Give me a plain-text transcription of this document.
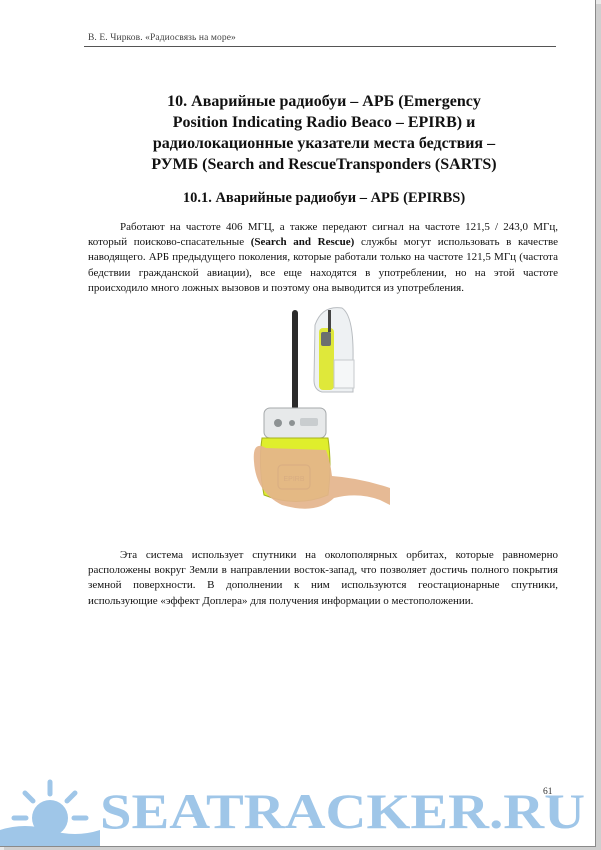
В. Е. Чирков. «Радиосвязь на море»
10. Аварийные радиобуи – АРБ (Emergency
Position Indicating Radio Beaco – EPIRB) и
радиолокационные указатели места бедствия –
РУМБ (Search and RescueTransponders (SARTS)
10.1. Аварийные радиобуи – АРБ (EPIRBS)

Работают на частоте 406 МГЦ, а также передают сигнал на частоте 121,5 / 243,0 МГц, который поисково-спасательные (Search and Rescue) службы могут использовать в качестве наводящего. АРБ предыдущего поколения, которые работали только на частоте 121,5 МГц (частота бедствии гражданской авиации), все еще находятся в употреблении, но на этой частоте происходило много ложных вызовов и поэтому она выводится из употребления.

Эта система использует спутники на околополярных орбитах, которые равномерно расположены вокруг Земли в направлении восток-запад, что позволяет достичь полного покрытия земной поверхности. В дополнении к ним используются геостационарные спутники, использующие «эффект Доплера» для получения информации о местоположении.

SEATRACKER.RU
61
